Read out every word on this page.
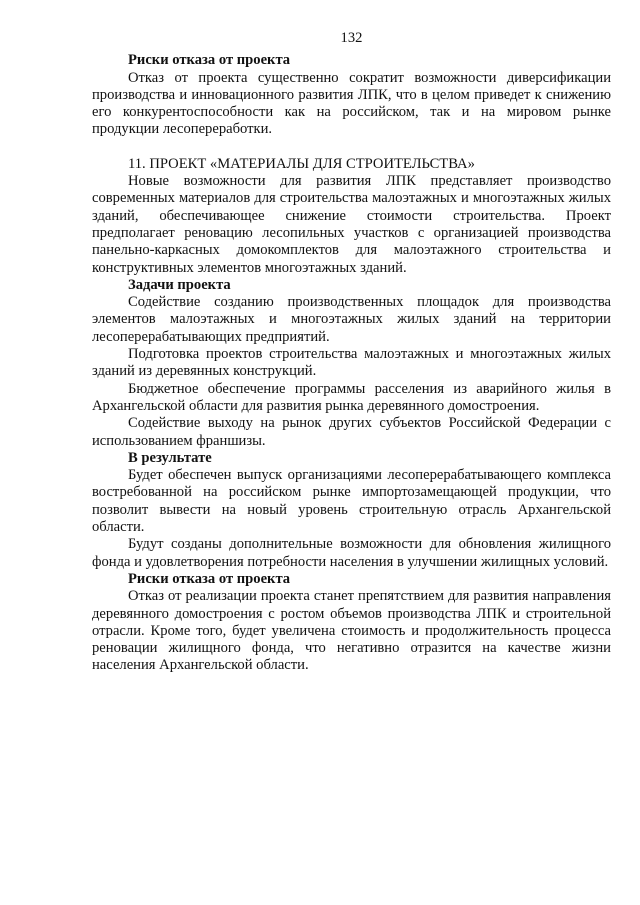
132

Риски отказа от проекта

Отказ от проекта существенно сократит возможности диверсификации производства и инновационного развития ЛПК, что в целом приведет к снижению его конкурентоспособности как на российском, так и на мировом рынке продукции лесопереработки.

11. ПРОЕКТ «МАТЕРИАЛЫ ДЛЯ СТРОИТЕЛЬСТВА»

Новые возможности для развития ЛПК представляет производство современных материалов для строительства малоэтажных и многоэтажных жилых зданий, обеспечивающее снижение стоимости строительства. Проект предполагает реновацию лесопильных участков с организацией производства панельно-каркасных домокомплектов для малоэтажного строительства и конструктивных элементов многоэтажных зданий.

Задачи проекта

Содействие созданию производственных площадок для производства элементов малоэтажных и многоэтажных жилых зданий на территории лесоперерабатывающих предприятий.

Подготовка проектов строительства малоэтажных и многоэтажных жилых зданий из деревянных конструкций.

Бюджетное обеспечение программы расселения из аварийного жилья в Архангельской области для развития рынка деревянного домостроения.

Содействие выходу на рынок других субъектов Российской Федерации с использованием франшизы.

В результате

Будет обеспечен выпуск организациями лесоперерабатывающего комплекса востребованной на российском рынке импортозамещающей продукции, что позволит вывести на новый уровень строительную отрасль Архангельской области.

Будут созданы дополнительные возможности для обновления жилищного фонда и удовлетворения потребности населения в улучшении жилищных условий.

Риски отказа от проекта

Отказ от реализации проекта станет препятствием для развития направления деревянного домостроения с ростом объемов производства ЛПК и строительной отрасли. Кроме того, будет увеличена стоимость и продолжительность процесса реновации жилищного фонда, что негативно отразится на качестве жизни населения Архангельской области.
